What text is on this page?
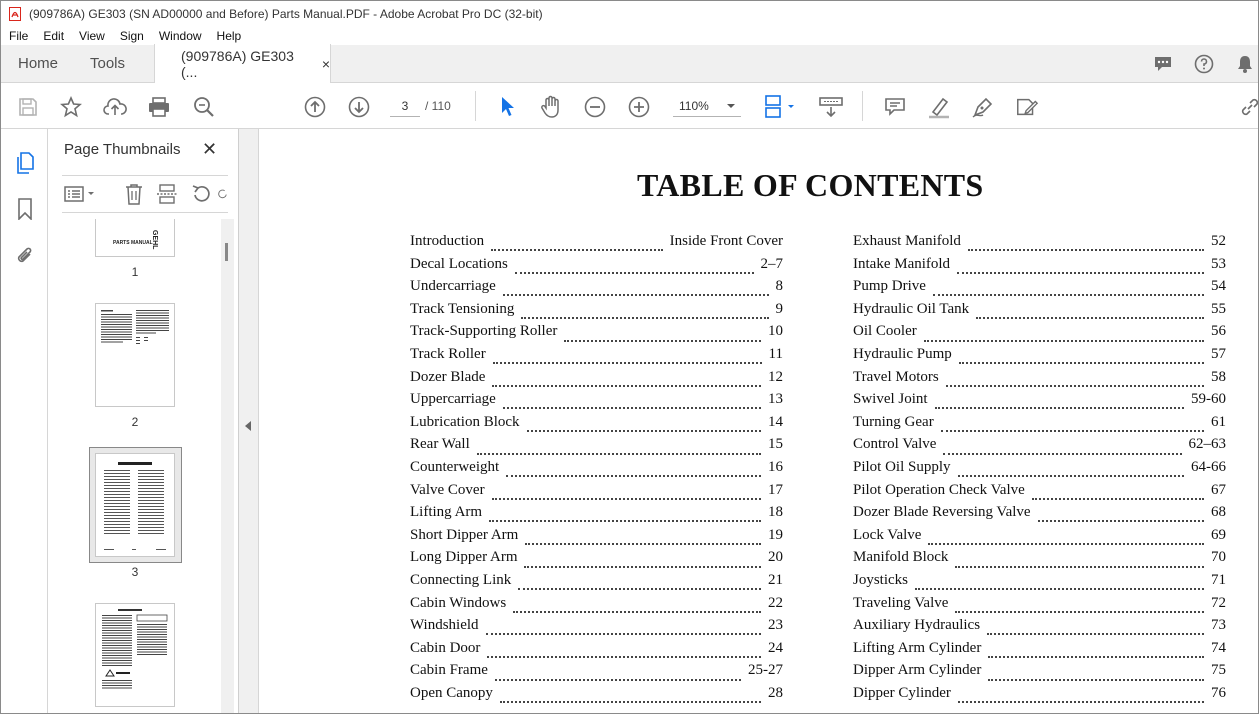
(909786A) GE303 (SN AD00000 and Before) Parts Manual.PDF - Adobe Acrobat Pro DC (32-bit)
File	Edit	View	Sign	Window	Help
Home	Tools	(909786A) GE303 (...	×
3	/ 110	110%
Page Thumbnails ✕
PARTS MANUAL
GEHL
1
2
3
TABLE OF CONTENTS
Introduction	Inside Front Cover
Decal Locations	2–7
Undercarriage	8
Track Tensioning	9
Track-Supporting Roller	10
Track Roller	11
Dozer Blade	12
Uppercarriage	13
Lubrication Block	14
Rear Wall	15
Counterweight	16
Valve Cover	17
Lifting Arm	18
Short Dipper Arm	19
Long Dipper Arm	20
Connecting Link	21
Cabin Windows	22
Windshield	23
Cabin Door	24
Cabin Frame	25-27
Open Canopy	28
Exhaust Manifold	52
Intake Manifold	53
Pump Drive	54
Hydraulic Oil Tank	55
Oil Cooler	56
Hydraulic Pump	57
Travel Motors	58
Swivel Joint	59-60
Turning Gear	61
Control Valve	62–63
Pilot Oil Supply	64-66
Pilot Operation Check Valve	67
Dozer Blade Reversing Valve	68
Lock Valve	69
Manifold Block	70
Joysticks	71
Traveling Valve	72
Auxiliary Hydraulics	73
Lifting Arm Cylinder	74
Dipper Arm Cylinder	75
Dipper Cylinder	76
